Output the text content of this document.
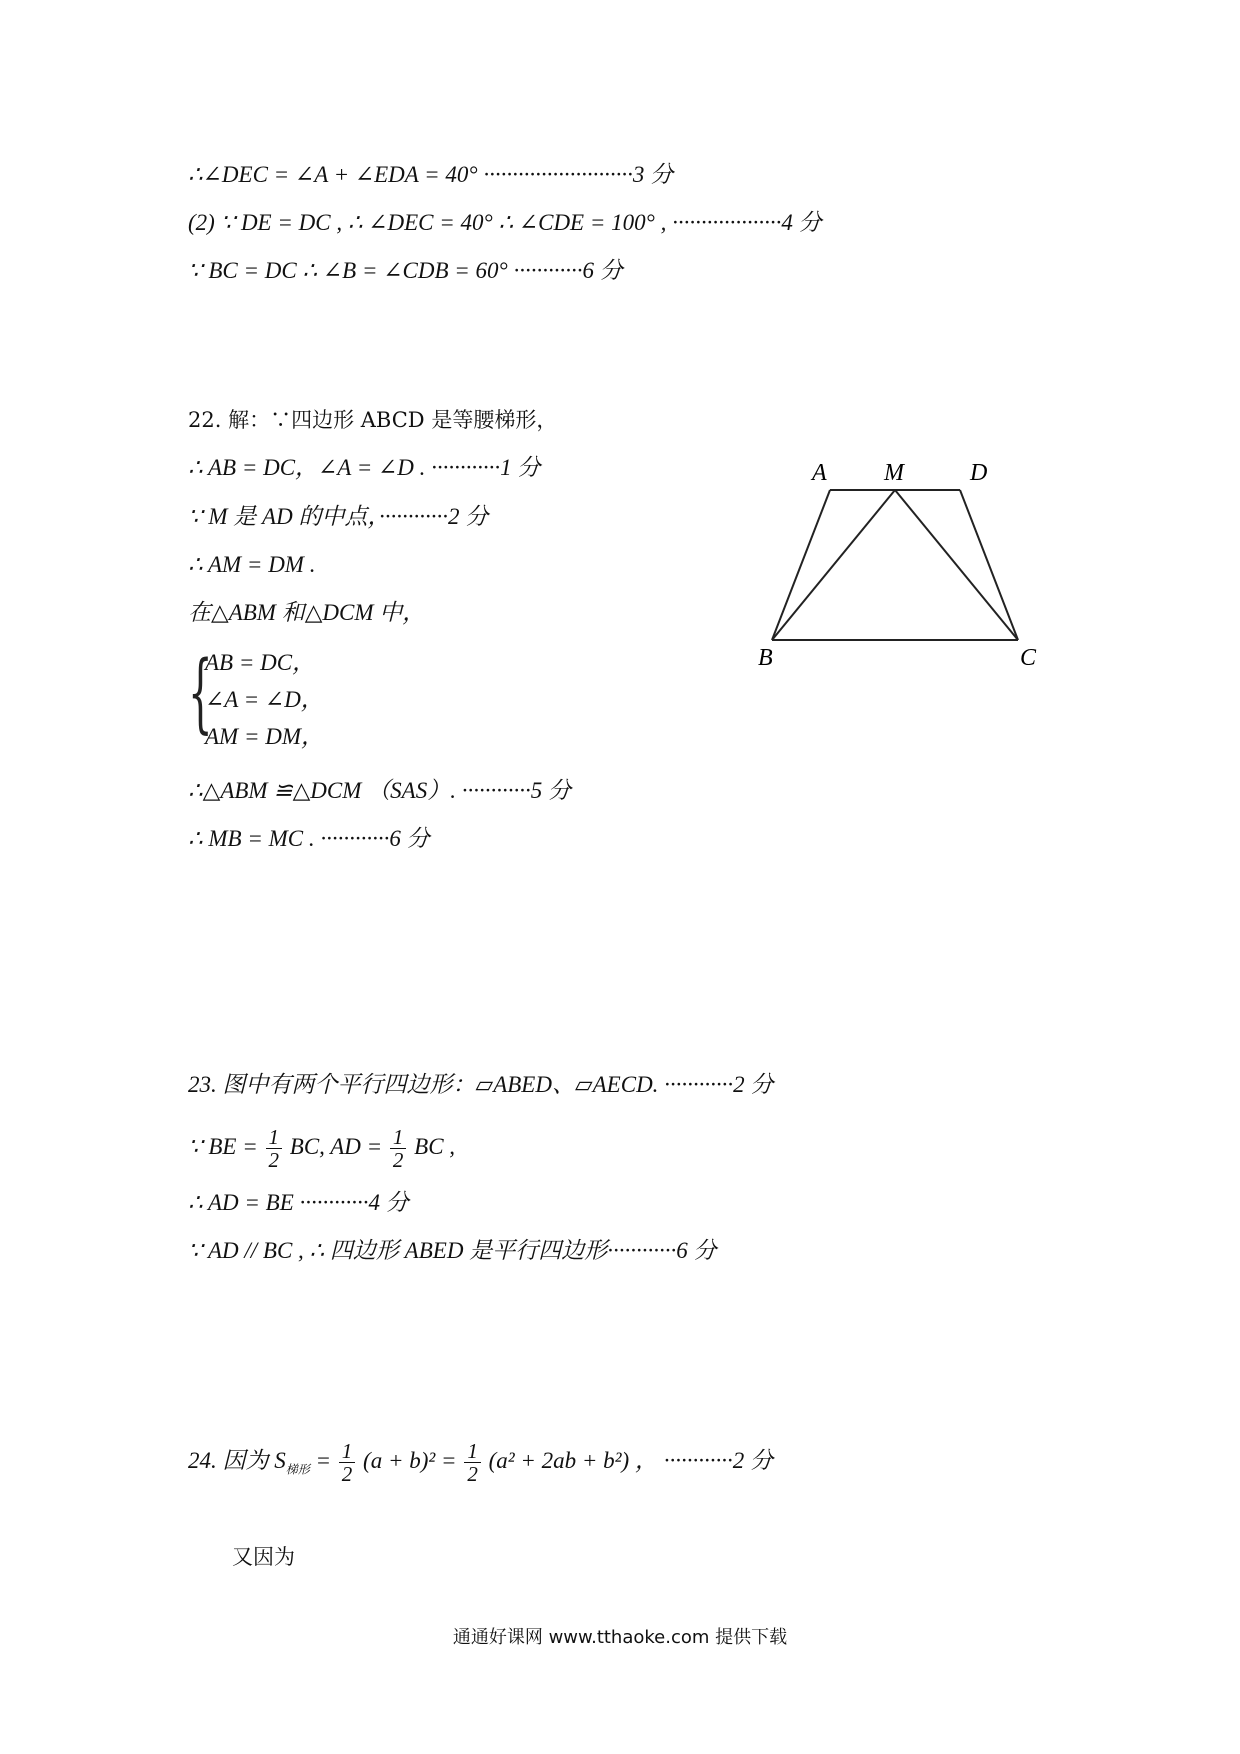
∴∠DEC = ∠A + ∠EDA = 40° ··························3 分
(2) ∵ DE = DC , ∴ ∠DEC = 40° ∴ ∠CDE = 100° , ···················4 分
∵ BC = DC ∴ ∠B = ∠CDB = 60° ············6 分
22. 解：∵四边形 ABCD 是等腰梯形，
∴ AB = DC，∠A = ∠D . ············1 分
∵ M 是 AD 的中点，············2 分
∴ AM = DM .
在△ABM 和△DCM 中，
{
AB = DC，
∠A = ∠D，
AM = DM，
∴△ABM ≌△DCM （SAS）. ············5 分
∴ MB = MC . ············6 分
A M	D
B	C
23. 图中有两个平行四边形：▱ABED、▱AECD. ············2 分
∵ BE = $\frac{1}{2}$ BC, AD = $\frac{1}{2}$ BC ,
∴ AD = BE ············4 分
∵ AD // BC , ∴ 四边形 ABED 是平行四边形············6 分
24. 因为 $S_{梯形} = \frac{1}{2} (a + b)^2 = \frac{1}{2} (a^2 + 2ab + b^2)$ ， ············2 分
又因为
通通好课网 www.tthaoke.com 提供下载
